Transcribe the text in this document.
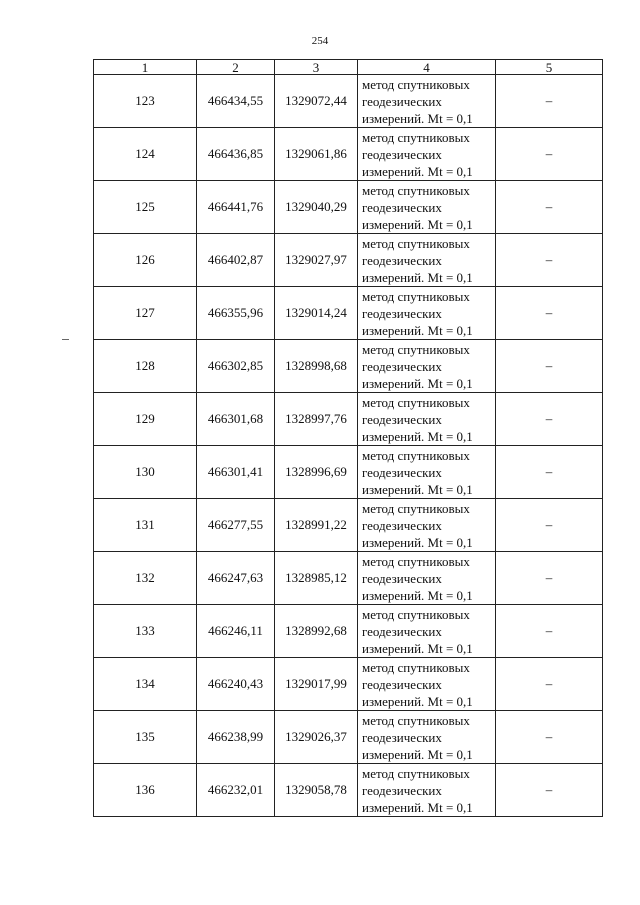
254
1	2	3	4	5
123	466434,55	1329072,44	метод спутниковых
геодезических
измерений. Mt = 0,1	–
124	466436,85	1329061,86	метод спутниковых
геодезических
измерений. Mt = 0,1	–
125	466441,76	1329040,29	метод спутниковых
геодезических
измерений. Mt = 0,1	–
126	466402,87	1329027,97	метод спутниковых
геодезических
измерений. Mt = 0,1	–
127	466355,96	1329014,24	метод спутниковых
геодезических
измерений. Mt = 0,1	–
128	466302,85	1328998,68	метод спутниковых
геодезических
измерений. Mt = 0,1	–
129	466301,68	1328997,76	метод спутниковых
геодезических
измерений. Mt = 0,1	–
130	466301,41	1328996,69	метод спутниковых
геодезических
измерений. Mt = 0,1	–
131	466277,55	1328991,22	метод спутниковых
геодезических
измерений. Mt = 0,1	–
132	466247,63	1328985,12	метод спутниковых
геодезических
измерений. Mt = 0,1	–
133	466246,11	1328992,68	метод спутниковых
геодезических
измерений. Mt = 0,1	–
134	466240,43	1329017,99	метод спутниковых
геодезических
измерений. Mt = 0,1	–
135	466238,99	1329026,37	метод спутниковых
геодезических
измерений. Mt = 0,1	–
136	466232,01	1329058,78	метод спутниковых
геодезических
измерений. Mt = 0,1	–
